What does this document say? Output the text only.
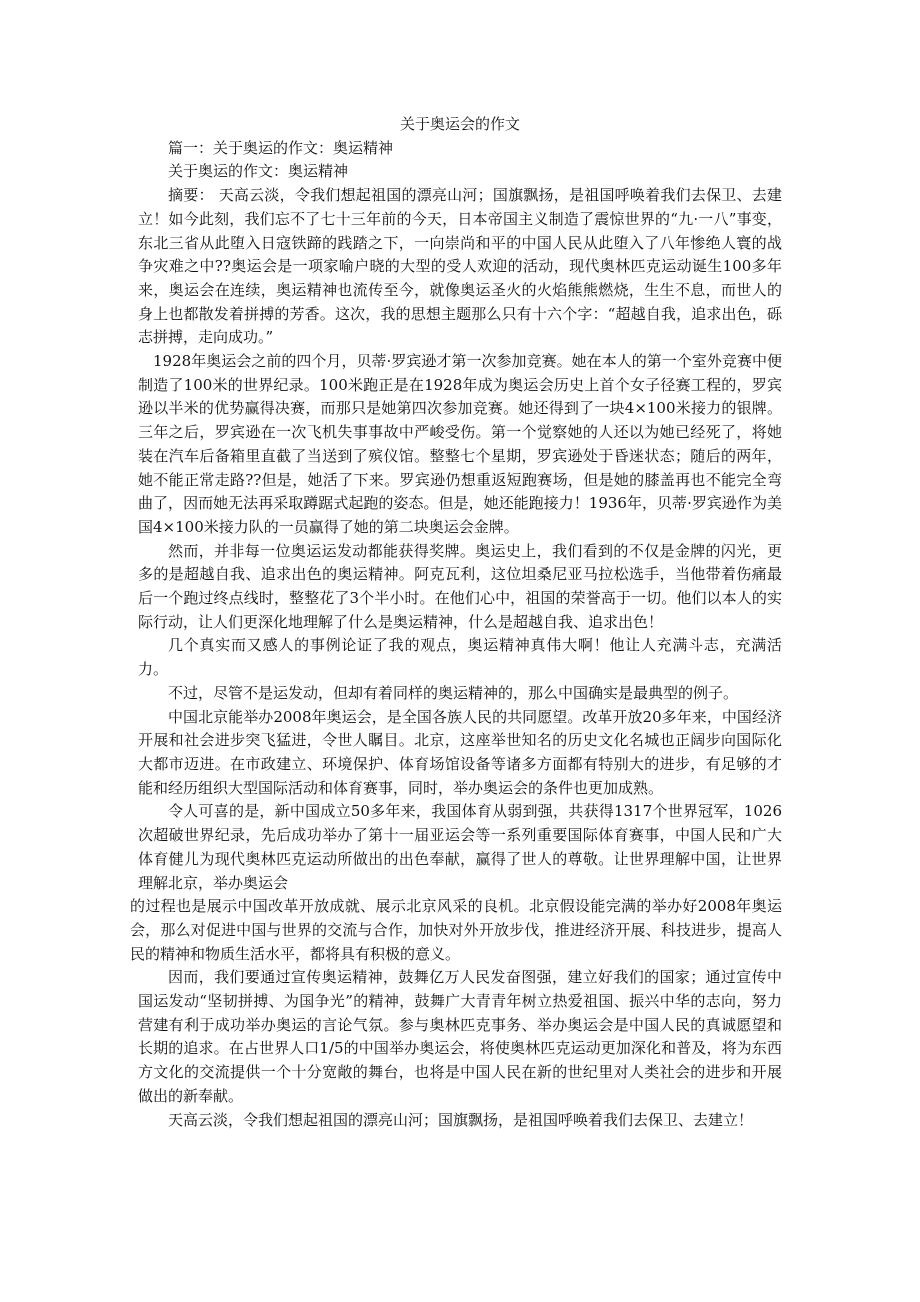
关于奥运会的作文

篇一：关于奥运的作文：奥运精神

关于奥运的作文：奥运精神

摘要： 天高云淡，令我们想起祖国的漂亮山河；国旗飘扬，是祖国呼唤着我们去保卫、去建立！如今此刻，我们忘不了七十三年前的今天，日本帝国主义制造了震惊世界的“九·一八”事变，东北三省从此堕入日寇铁蹄的践踏之下，一向崇尚和平的中国人民从此堕入了八年惨绝人寰的战争灾难之中??奥运会是一项家喻户晓的大型的受人欢迎的活动，现代奥林匹克运动诞生100多年来，奥运会在连续，奥运精神也流传至今，就像奥运圣火的火焰熊熊燃烧，生生不息，而世人的身上也都散发着拼搏的芳香。这次，我的思想主题那么只有十六个字：“超越自我，追求出色，砾志拼搏，走向成功。”

1928年奥运会之前的四个月，贝蒂·罗宾逊才第一次参加竞赛。她在本人的第一个室外竞赛中便制造了100米的世界纪录。100米跑正是在1928年成为奥运会历史上首个女子径赛工程的，罗宾逊以半米的优势赢得决赛，而那只是她第四次参加竞赛。她还得到了一块4×100米接力的银牌。三年之后，罗宾逊在一次飞机失事事故中严峻受伤。第一个觉察她的人还以为她已经死了，将她装在汽车后备箱里直截了当送到了殡仪馆。整整七个星期，罗宾逊处于昏迷状态；随后的两年，她不能正常走路??但是，她活了下来。罗宾逊仍想重返短跑赛场，但是她的膝盖再也不能完全弯曲了，因而她无法再采取蹲踞式起跑的姿态。但是，她还能跑接力！1936年，贝蒂·罗宾逊作为美国4×100米接力队的一员赢得了她的第二块奥运会金牌。

然而，并非每一位奥运运发动都能获得奖牌。奥运史上，我们看到的不仅是金牌的闪光，更多的是超越自我、追求出色的奥运精神。阿克瓦利，这位坦桑尼亚马拉松选手，当他带着伤痛最后一个跑过终点线时，整整花了3个半小时。在他们心中，祖国的荣誉高于一切。他们以本人的实际行动，让人们更深化地理解了什么是奥运精神，什么是超越自我、追求出色！

几个真实而又感人的事例论证了我的观点，奥运精神真伟大啊！他让人充满斗志，充满活力。

不过，尽管不是运发动，但却有着同样的奥运精神的，那么中国确实是最典型的例子。

中国北京能举办2008年奥运会，是全国各族人民的共同愿望。改革开放20多年来，中国经济开展和社会进步突飞猛进，令世人瞩目。北京，这座举世知名的历史文化名城也正阔步向国际化大都市迈进。在市政建立、环境保护、体育场馆设备等诸多方面都有特别大的进步，有足够的才能和经历组织大型国际活动和体育赛事，同时，举办奥运会的条件也更加成熟。

令人可喜的是，新中国成立50多年来，我国体育从弱到强，共获得1317个世界冠军，1026次超破世界纪录，先后成功举办了第十一届亚运会等一系列重要国际体育赛事，中国人民和广大体育健儿为现代奥林匹克运动所做出的出色奉献，赢得了世人的尊敬。让世界理解中国，让世界理解北京，举办奥运会

的过程也是展示中国改革开放成就、展示北京风采的良机。北京假设能完满的举办好2008年奥运会，那么对促进中国与世界的交流与合作，加快对外开放步伐，推进经济开展、科技进步，提高人民的精神和物质生活水平，都将具有积极的意义。

因而，我们要通过宣传奥运精神，鼓舞亿万人民发奋图强，建立好我们的国家；通过宣传中国运发动“坚韧拼搏、为国争光”的精神，鼓舞广大青青年树立热爱祖国、振兴中华的志向，努力营建有利于成功举办奥运的言论气氛。参与奥林匹克事务、举办奥运会是中国人民的真诚愿望和长期的追求。在占世界人口1/5的中国举办奥运会，将使奥林匹克运动更加深化和普及，将为东西方文化的交流提供一个十分宽敞的舞台，也将是中国人民在新的世纪里对人类社会的进步和开展做出的新奉献。

天高云淡，令我们想起祖国的漂亮山河；国旗飘扬，是祖国呼唤着我们去保卫、去建立！
